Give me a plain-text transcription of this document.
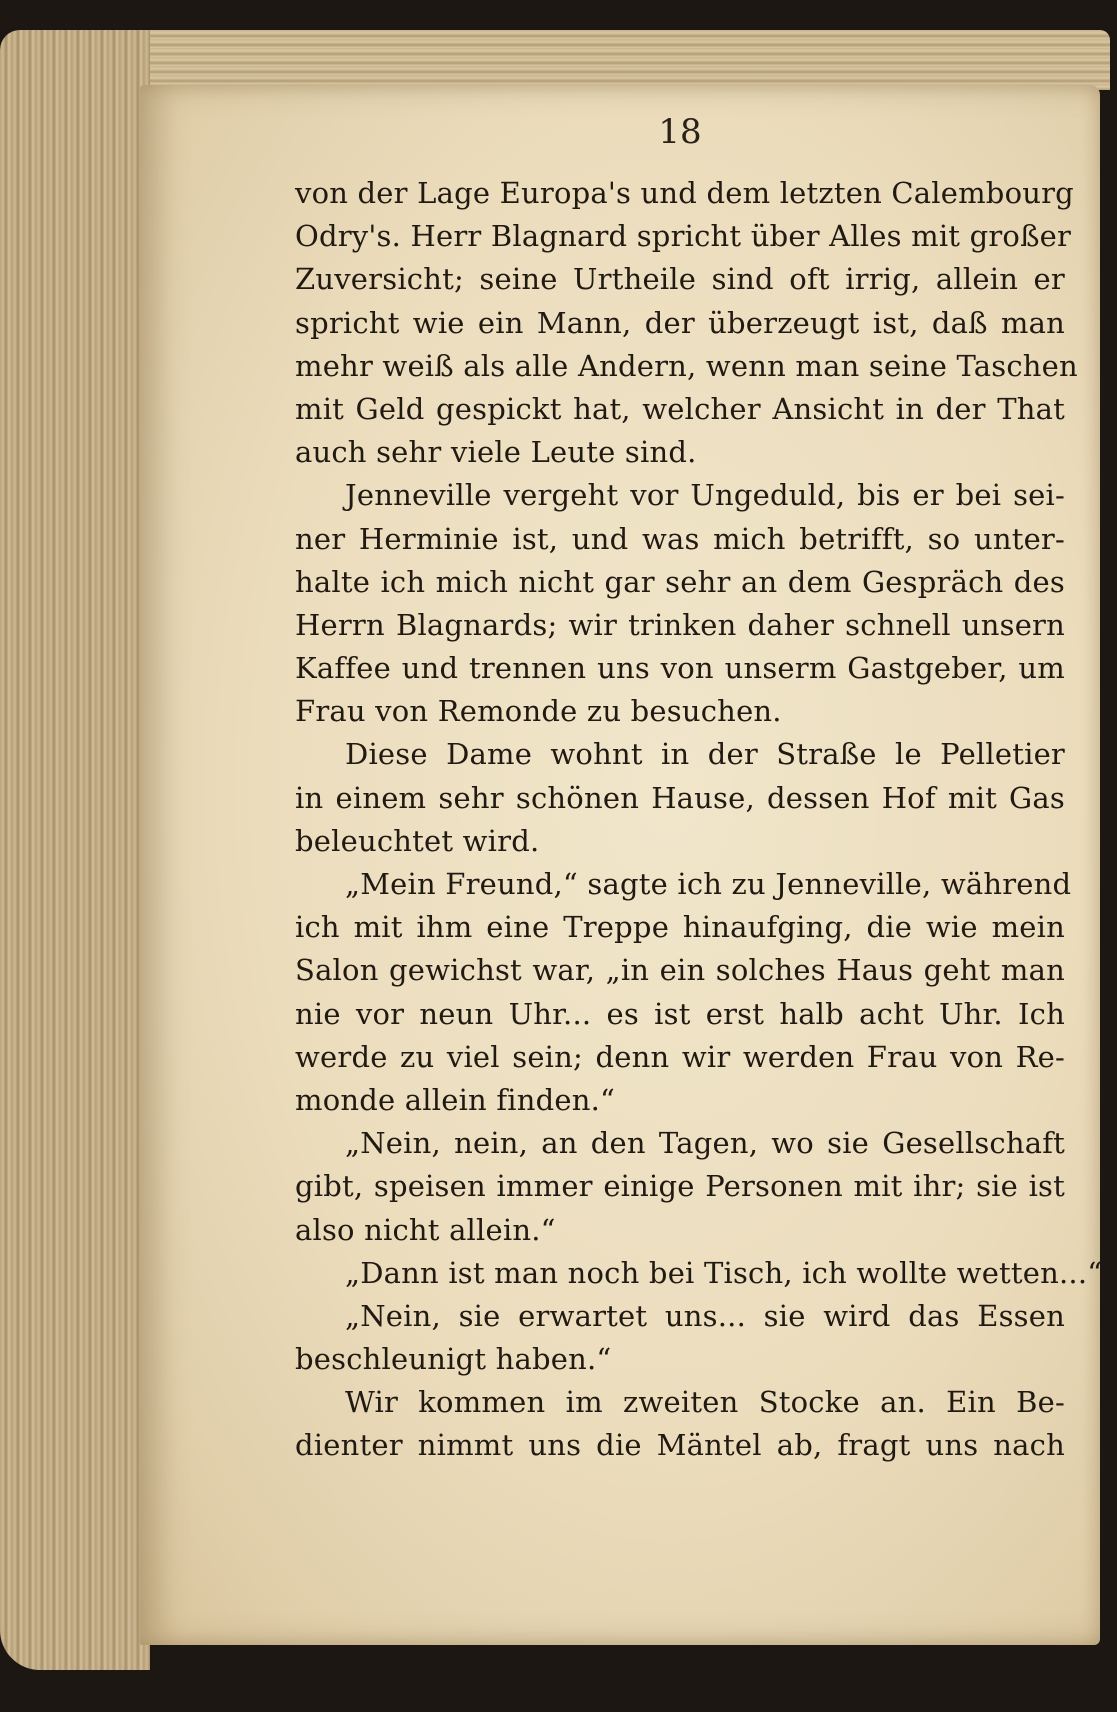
18
von der Lage Europa's und dem letzten Calembourg
Odry's. Herr Blagnard spricht über Alles mit großer
Zuversicht; seine Urtheile sind oft irrig, allein er
spricht wie ein Mann, der überzeugt ist, daß man
mehr weiß als alle Andern, wenn man seine Taschen
mit Geld gespickt hat, welcher Ansicht in der That
auch sehr viele Leute sind.
Jenneville vergeht vor Ungeduld, bis er bei sei-
ner Herminie ist, und was mich betrifft, so unter-
halte ich mich nicht gar sehr an dem Gespräch des
Herrn Blagnards; wir trinken daher schnell unsern
Kaffee und trennen uns von unserm Gastgeber, um
Frau von Remonde zu besuchen.
Diese Dame wohnt in der Straße le Pelletier
in einem sehr schönen Hause, dessen Hof mit Gas
beleuchtet wird.
„Mein Freund,“ sagte ich zu Jenneville, während
ich mit ihm eine Treppe hinaufging, die wie mein
Salon gewichst war, „in ein solches Haus geht man
nie vor neun Uhr... es ist erst halb acht Uhr. Ich
werde zu viel sein; denn wir werden Frau von Re-
monde allein finden.“
„Nein, nein, an den Tagen, wo sie Gesellschaft
gibt, speisen immer einige Personen mit ihr; sie ist
also nicht allein.“
„Dann ist man noch bei Tisch, ich wollte wetten...“
„Nein, sie erwartet uns... sie wird das Essen
beschleunigt haben.“
Wir kommen im zweiten Stocke an. Ein Be-
dienter nimmt uns die Mäntel ab, fragt uns nach
